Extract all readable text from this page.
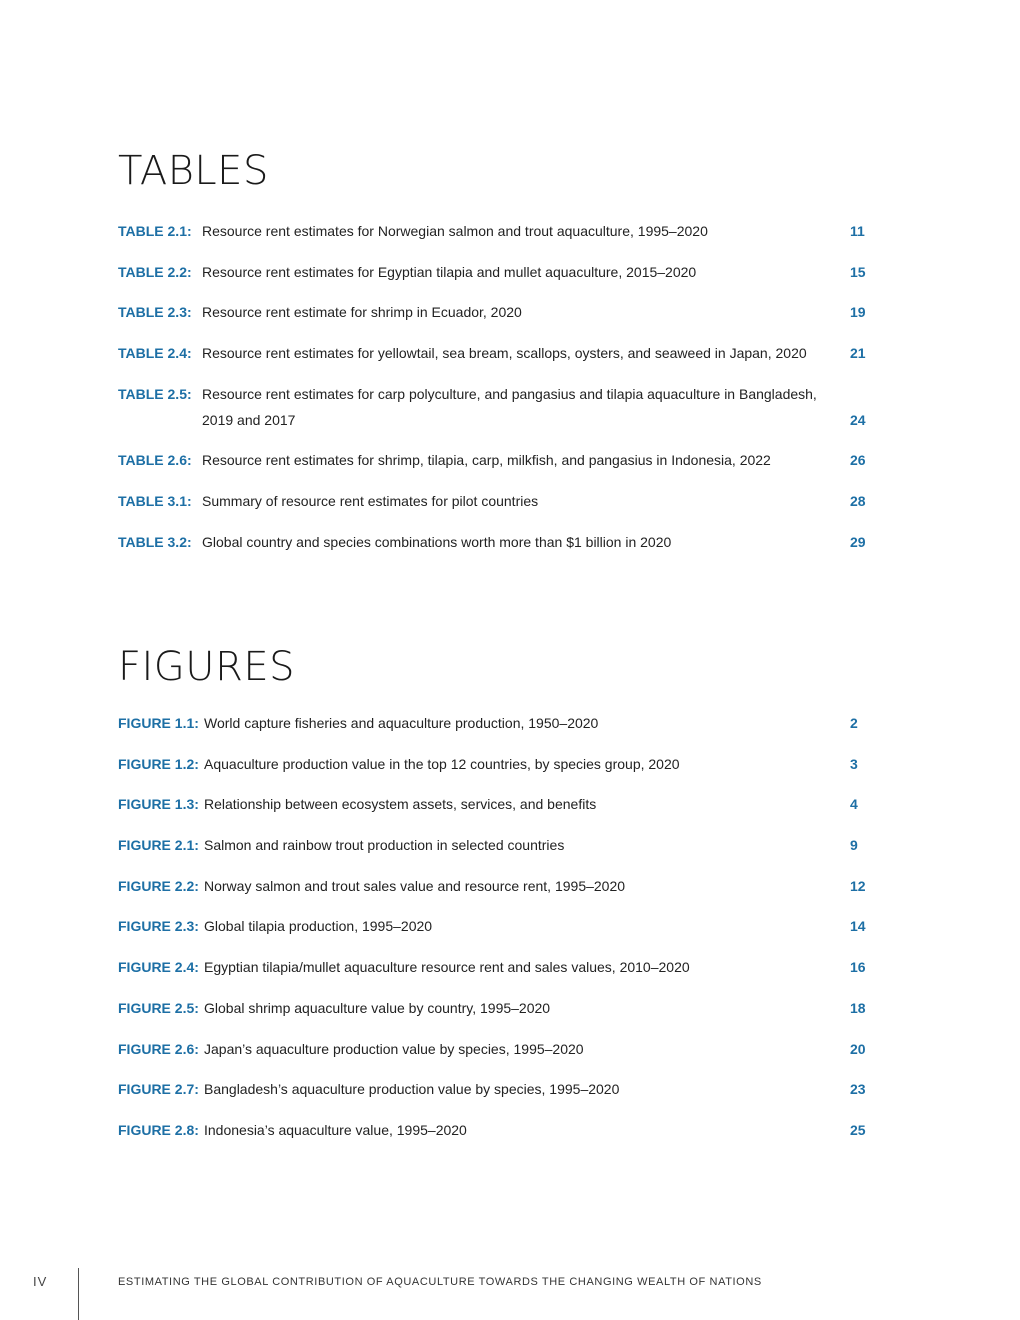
TABLES
TABLE 2.1: Resource rent estimates for Norwegian salmon and trout aquaculture, 1995–2020	11
TABLE 2.2: Resource rent estimates for Egyptian tilapia and mullet aquaculture, 2015–2020	15
TABLE 2.3: Resource rent estimate for shrimp in Ecuador, 2020	19
TABLE 2.4: Resource rent estimates for yellowtail, sea bream, scallops, oysters, and seaweed in Japan, 2020	21
TABLE 2.5: Resource rent estimates for carp polyculture, and pangasius and tilapia aquaculture in Bangladesh, 2019 and 2017	24
TABLE 2.6: Resource rent estimates for shrimp, tilapia, carp, milkfish, and pangasius in Indonesia, 2022	26
TABLE 3.1: Summary of resource rent estimates for pilot countries	28
TABLE 3.2: Global country and species combinations worth more than $1 billion in 2020	29
FIGURES
FIGURE 1.1: World capture fisheries and aquaculture production, 1950–2020	2
FIGURE 1.2: Aquaculture production value in the top 12 countries, by species group, 2020	3
FIGURE 1.3: Relationship between ecosystem assets, services, and benefits	4
FIGURE 2.1: Salmon and rainbow trout production in selected countries	9
FIGURE 2.2: Norway salmon and trout sales value and resource rent, 1995–2020	12
FIGURE 2.3: Global tilapia production, 1995–2020	14
FIGURE 2.4: Egyptian tilapia/mullet aquaculture resource rent and sales values, 2010–2020	16
FIGURE 2.5: Global shrimp aquaculture value by country, 1995–2020	18
FIGURE 2.6: Japan’s aquaculture production value by species, 1995–2020	20
FIGURE 2.7: Bangladesh’s aquaculture production value by species, 1995–2020	23
FIGURE 2.8: Indonesia’s aquaculture value, 1995–2020	25
IV	ESTIMATING THE GLOBAL CONTRIBUTION OF AQUACULTURE TOWARDS THE CHANGING WEALTH OF NATIONS
